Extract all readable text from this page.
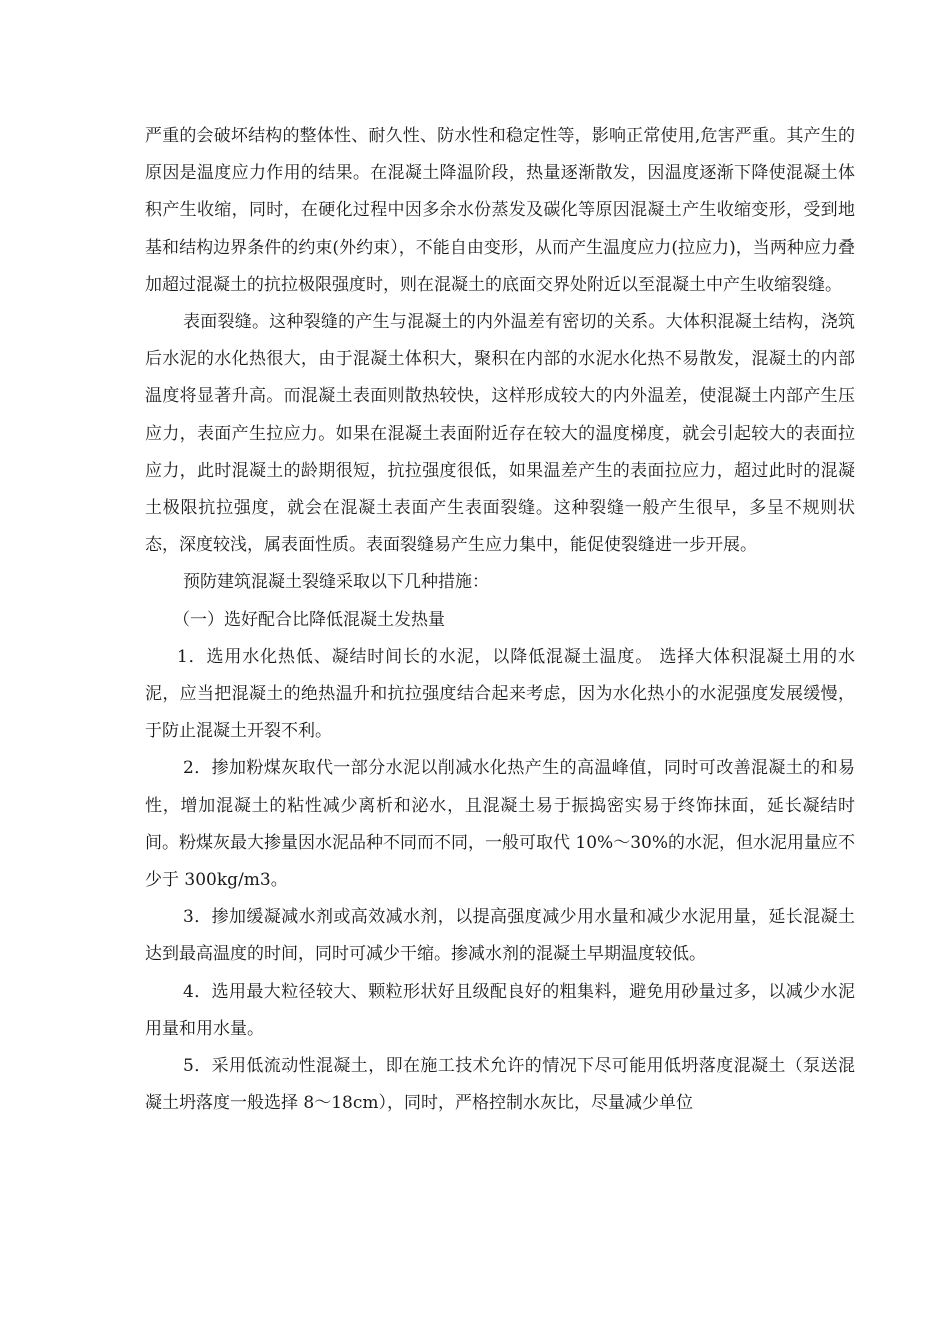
严重的会破坏结构的整体性、耐久性、防水性和稳定性等，影响正常使用,危害严重。其产生的原因是温度应力作用的结果。在混凝土降温阶段，热量逐渐散发，因温度逐渐下降使混凝土体积产生收缩，同时，在硬化过程中因多余水份蒸发及碳化等原因混凝土产生收缩变形，受到地基和结构边界条件的约束(外约束），不能自由变形，从而产生温度应力(拉应力)，当两种应力叠加超过混凝土的抗拉极限强度时，则在混凝土的底面交界处附近以至混凝土中产生收缩裂缝。

表面裂缝。这种裂缝的产生与混凝土的内外温差有密切的关系。大体积混凝土结构，浇筑后水泥的水化热很大，由于混凝土体积大，聚积在内部的水泥水化热不易散发，混凝土的内部温度将显著升高。而混凝土表面则散热较快，这样形成较大的内外温差，使混凝土内部产生压应力，表面产生拉应力。如果在混凝土表面附近存在较大的温度梯度，就会引起较大的表面拉应力，此时混凝土的龄期很短，抗拉强度很低，如果温差产生的表面拉应力，超过此时的混凝土极限抗拉强度，就会在混凝土表面产生表面裂缝。这种裂缝一般产生很早，多呈不规则状态，深度较浅，属表面性质。表面裂缝易产生应力集中，能促使裂缝进一步开展。

预防建筑混凝土裂缝采取以下几种措施：

（一）选好配合比降低混凝土发热量

1．选用水化热低、凝结时间长的水泥，以降低混凝土温度。 选择大体积混凝土用的水泥，应当把混凝土的绝热温升和抗拉强度结合起来考虑，因为水化热小的水泥强度发展缓慢，于防止混凝土开裂不利。

2．掺加粉煤灰取代一部分水泥以削减水化热产生的高温峰值，同时可改善混凝土的和易性，增加混凝土的粘性减少离析和泌水，且混凝土易于振捣密实易于终饰抹面，延长凝结时间。粉煤灰最大掺量因水泥品种不同而不同，一般可取代 10%～30%的水泥，但水泥用量应不少于 300kg/m3。

3．掺加缓凝减水剂或高效减水剂，以提高强度减少用水量和减少水泥用量，延长混凝土达到最高温度的时间，同时可减少干缩。掺减水剂的混凝土早期温度较低。

4．选用最大粒径较大、颗粒形状好且级配良好的粗集料，避免用砂量过多，以减少水泥用量和用水量。

5．采用低流动性混凝土，即在施工技术允许的情况下尽可能用低坍落度混凝土（泵送混凝土坍落度一般选择 8～18cm），同时，严格控制水灰比，尽量减少单位
